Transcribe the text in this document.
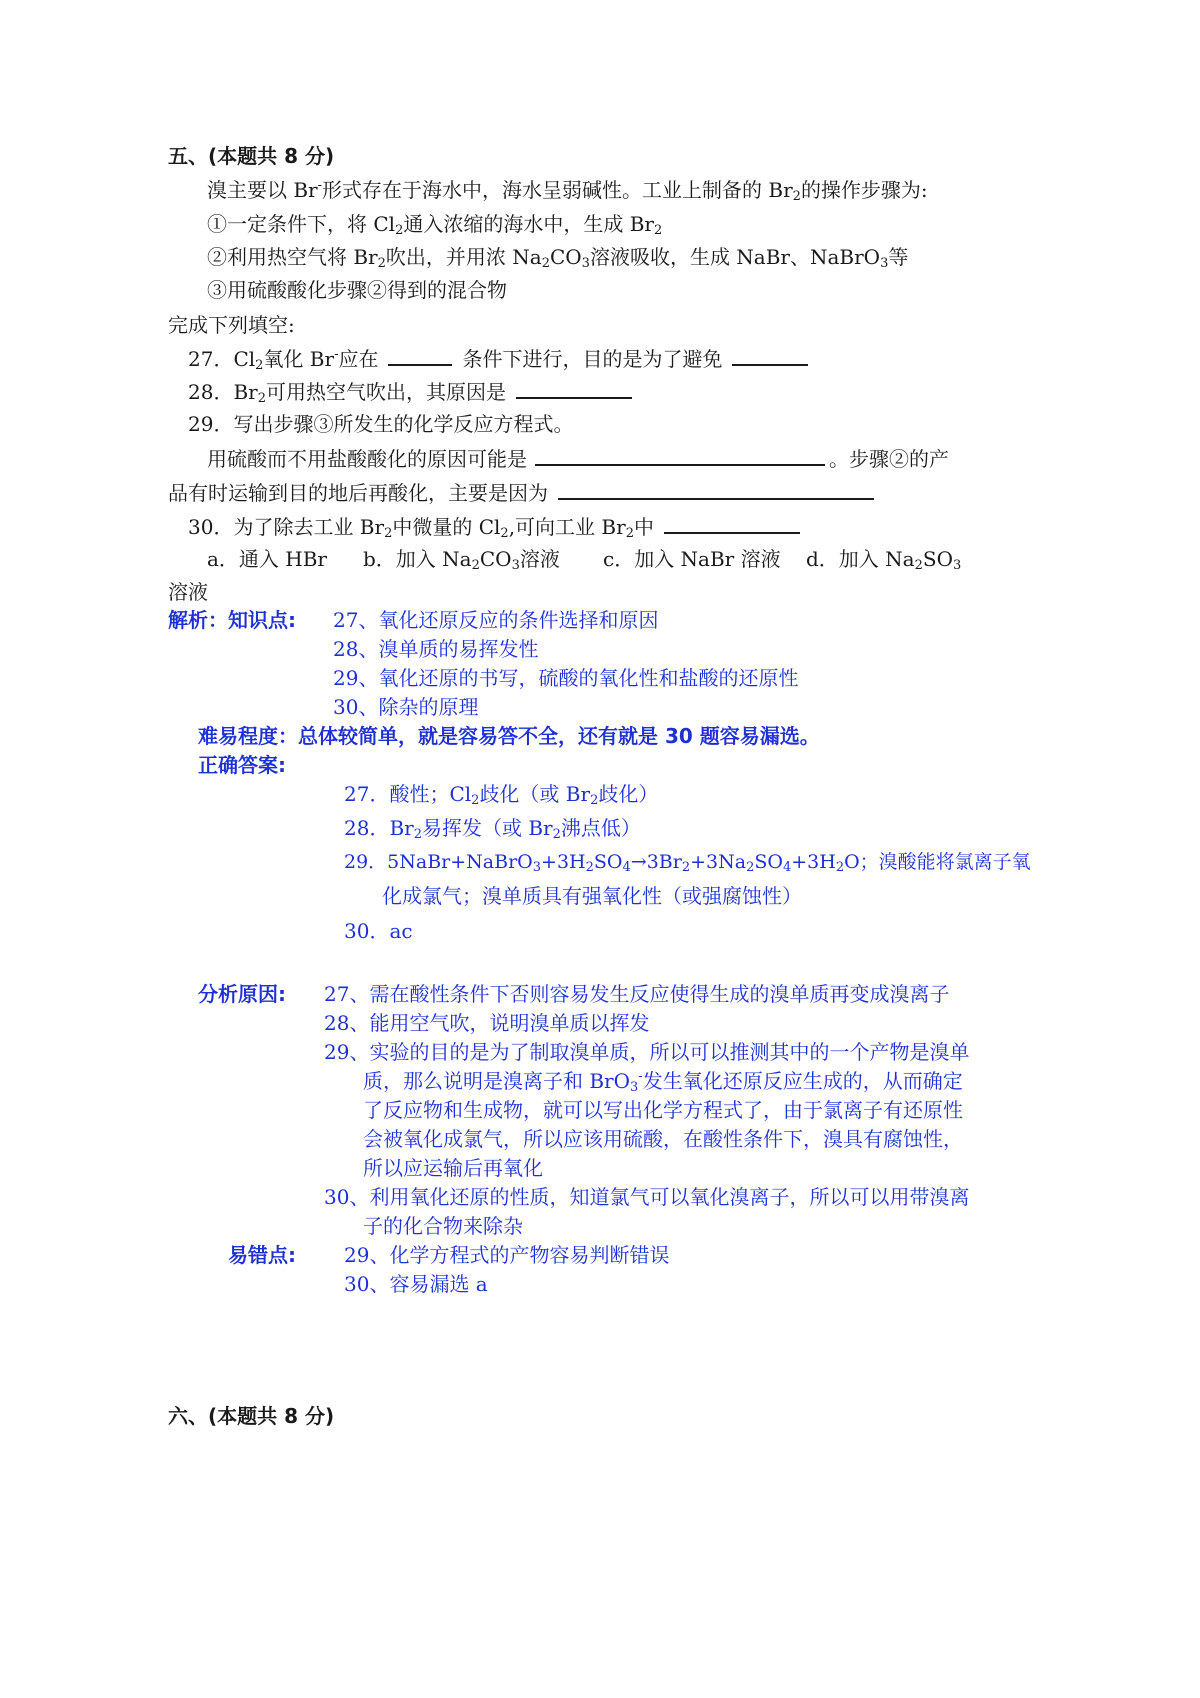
五、(本题共 8 分)
溴主要以 Br-形式存在于海水中，海水呈弱碱性。工业上制备的 $Br_2$的操作步骤为:
①一定条件下，将 $Cl_2$通入浓缩的海水中，生成 $Br_2$
②利用热空气将 $Br_2$吹出，并用浓 $Na_2CO_3$溶液吸收，生成 NaBr、NaBrO$_3$等
③用硫酸酸化步骤②得到的混合物
完成下列填空:
27．$Cl_2$氧化 Br-应在	条件下进行，目的是为了避免
28．$Br_2$可用热空气吹出，其原因是
29．写出步骤③所发生的化学反应方程式。
用硫酸而不用盐酸酸化的原因可能是	。步骤②的产
品有时运输到目的地后再酸化，主要是因为
30．为了除去工业 $Br_2$中微量的 $Cl_2$,可向工业 $Br_2$中
a．通入 HBr b．加入 $Na_2CO_3$溶液 c．加入 NaBr 溶液 d．加入 $Na_2SO_3$
溶液
解析：知识点: 27、氧化还原反应的条件选择和原因
28、溴单质的易挥发性
29、氧化还原的书写，硫酸的氧化性和盐酸的还原性
30、除杂的原理
难易程度：总体较简单，就是容易答不全，还有就是 30 题容易漏选。
正确答案:
27．酸性；$Cl_2$歧化（或 $Br_2$歧化）
28．$Br_2$易挥发（或 $Br_2$沸点低）
29．$5NaBr+NaBrO_3+3H_2SO_4\to 3Br_2+3Na_2SO_4+3H_2O$；溴酸能将氯离子氧
化成氯气；溴单质具有强氧化性（或强腐蚀性）
30．ac
分析原因: 27、需在酸性条件下否则容易发生反应使得生成的溴单质再变成溴离子
28、能用空气吹，说明溴单质以挥发
29、实验的目的是为了制取溴单质，所以可以推测其中的一个产物是溴单
质，那么说明是溴离子和 BrO$_3$-发生氧化还原反应生成的，从而确定
了反应物和生成物，就可以写出化学方程式了，由于氯离子有还原性
会被氧化成氯气，所以应该用硫酸，在酸性条件下，溴具有腐蚀性，
所以应运输后再氧化
30、利用氧化还原的性质，知道氯气可以氧化溴离子，所以可以用带溴离
子的化合物来除杂
易错点: 29、化学方程式的产物容易判断错误
30、容易漏选 a
六、(本题共 8 分)
